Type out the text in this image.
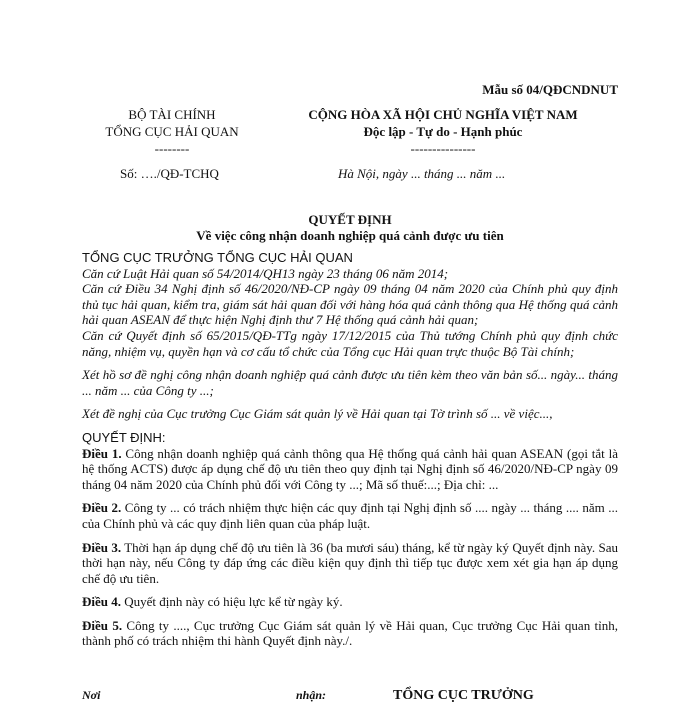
Mẫu số 04/QĐCNDNUT
BỘ TÀI CHÍNH
TỔNG CỤC HẢI QUAN
--------
CỘNG HÒA XÃ HỘI CHỦ NGHĨA VIỆT NAM
Độc lập - Tự do - Hạnh phúc
---------------
Số: …./QĐ-TCHQ	Hà Nội, ngày ... tháng ... năm ...
QUYẾT ĐỊNH
Về việc công nhận doanh nghiệp quá cảnh được ưu tiên

TỔNG CỤC TRƯỞNG TỔNG CỤC HẢI QUAN

Căn cứ Luật Hải quan số 54/2014/QH13 ngày 23 tháng 06 năm 2014;

Căn cứ Điều 34 Nghị định số 46/2020/NĐ-CP ngày 09 tháng 04 năm 2020 của Chính phủ quy định thủ tục hải quan, kiểm tra, giám sát hải quan đối với hàng hóa quá cảnh thông qua Hệ thống quá cảnh hải quan ASEAN để thực hiện Nghị định thư 7 Hệ thống quá cảnh hải quan;

Căn cứ Quyết định số 65/2015/QĐ-TTg ngày 17/12/2015 của Thủ tướng Chính phủ quy định chức năng, nhiệm vụ, quyền hạn và cơ cấu tổ chức của Tổng cục Hải quan trực thuộc Bộ Tài chính;

Xét hồ sơ đề nghị công nhận doanh nghiệp quá cảnh được ưu tiên kèm theo văn bản số... ngày... tháng ... năm ... của Công ty ...;

Xét đề nghị của Cục trưởng Cục Giám sát quản lý về Hải quan tại Tờ trình số ... về việc...,

QUYẾT ĐỊNH:

Điều 1. Công nhận doanh nghiệp quá cảnh thông qua Hệ thống quá cảnh hải quan ASEAN (gọi tắt là hệ thống ACTS) được áp dụng chế độ ưu tiên theo quy định tại Nghị định số 46/2020/NĐ-CP ngày 09 tháng 04 năm 2020 của Chính phủ đối với Công ty ...; Mã số thuế:...; Địa chỉ: ...

Điều 2. Công ty ... có trách nhiệm thực hiện các quy định tại Nghị định số .... ngày ... tháng .... năm ... của Chính phủ và các quy định liên quan của pháp luật.

Điều 3. Thời hạn áp dụng chế độ ưu tiên là 36 (ba mươi sáu) tháng, kể từ ngày ký Quyết định này. Sau thời hạn này, nếu Công ty đáp ứng các điều kiện quy định thì tiếp tục được xem xét gia hạn áp dụng chế độ ưu tiên.

Điều 4. Quyết định này có hiệu lực kể từ ngày ký.

Điều 5. Công ty ...., Cục trưởng Cục Giám sát quản lý về Hải quan, Cục trưởng Cục Hải quan tỉnh, thành phố có trách nhiệm thi hành Quyết định này./.

Nơi	nhận:	TỔNG CỤC TRƯỞNG
